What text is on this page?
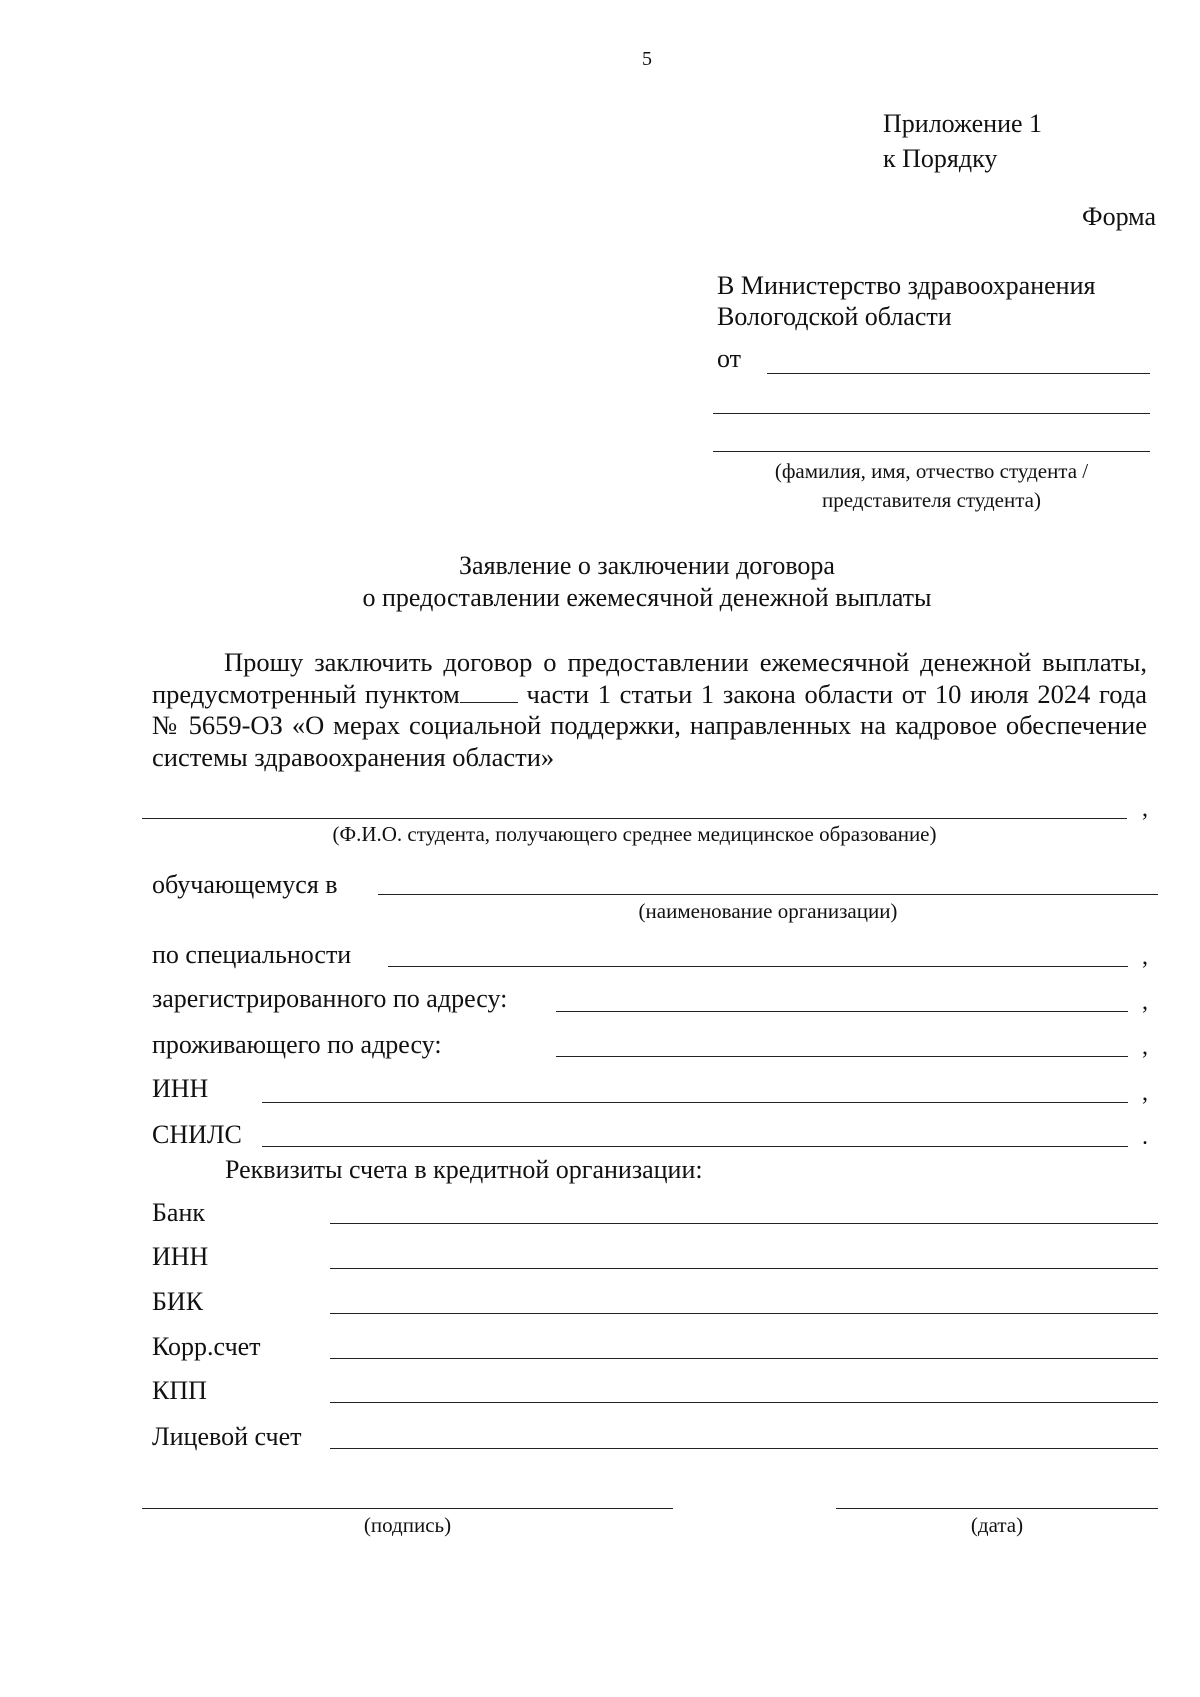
5
Приложение 1
к Порядку
Форма
В Министерство здравоохранения
Вологодской области
от
(фамилия, имя, отчество студента /
представителя студента)
Заявление о заключении договора
о предоставлении ежемесячной денежной выплаты
Прошу заключить договор о предоставлении ежемесячной денежной выплаты, предусмотренный пунктом	части 1 статьи 1 закона области от 10 июля 2024 года № 5659-ОЗ «О мерах социальной поддержки, направленных на кадровое обеспечение системы здравоохранения области»
,
(Ф.И.О. студента, получающего среднее медицинское образование)
обучающемуся в
(наименование организации)
по специальности	,
зарегистрированного по адресу:	,
проживающего по адресу:	,
ИНН	,
СНИЛС	.
Реквизиты счета в кредитной организации:
Банк
ИНН
БИК
Корр.счет
КПП
Лицевой счет
(подпись)	(дата)
